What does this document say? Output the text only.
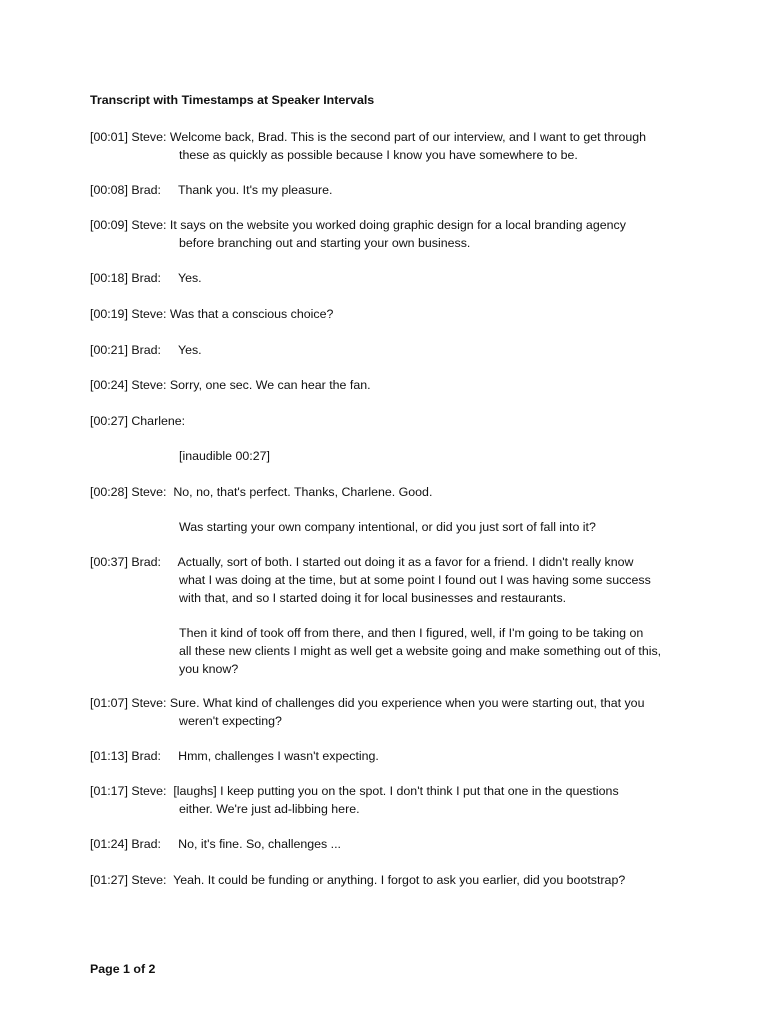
Transcript with Timestamps at Speaker Intervals
[00:01] Steve: Welcome back, Brad. This is the second part of our interview, and I want to get through
these as quickly as possible because I know you have somewhere to be.
[00:08] Brad:     Thank you. It's my pleasure.
[00:09] Steve: It says on the website you worked doing graphic design for a local branding agency
before branching out and starting your own business.
[00:18] Brad:     Yes.
[00:19] Steve: Was that a conscious choice?
[00:21] Brad:     Yes.
[00:24] Steve: Sorry, one sec. We can hear the fan.
[00:27] Charlene:
[inaudible 00:27]
[00:28] Steve:  No, no, that's perfect. Thanks, Charlene. Good.
Was starting your own company intentional, or did you just sort of fall into it?
[00:37] Brad:     Actually, sort of both. I started out doing it as a favor for a friend. I didn't really know
what I was doing at the time, but at some point I found out I was having some success
with that, and so I started doing it for local businesses and restaurants.
Then it kind of took off from there, and then I figured, well, if I'm going to be taking on
all these new clients I might as well get a website going and make something out of this,
you know?
[01:07] Steve: Sure. What kind of challenges did you experience when you were starting out, that you
weren't expecting?
[01:13] Brad:     Hmm, challenges I wasn't expecting.
[01:17] Steve:  [laughs] I keep putting you on the spot. I don't think I put that one in the questions
either. We're just ad-libbing here.
[01:24] Brad:     No, it's fine. So, challenges ...
[01:27] Steve:  Yeah. It could be funding or anything. I forgot to ask you earlier, did you bootstrap?
Page 1 of 2
